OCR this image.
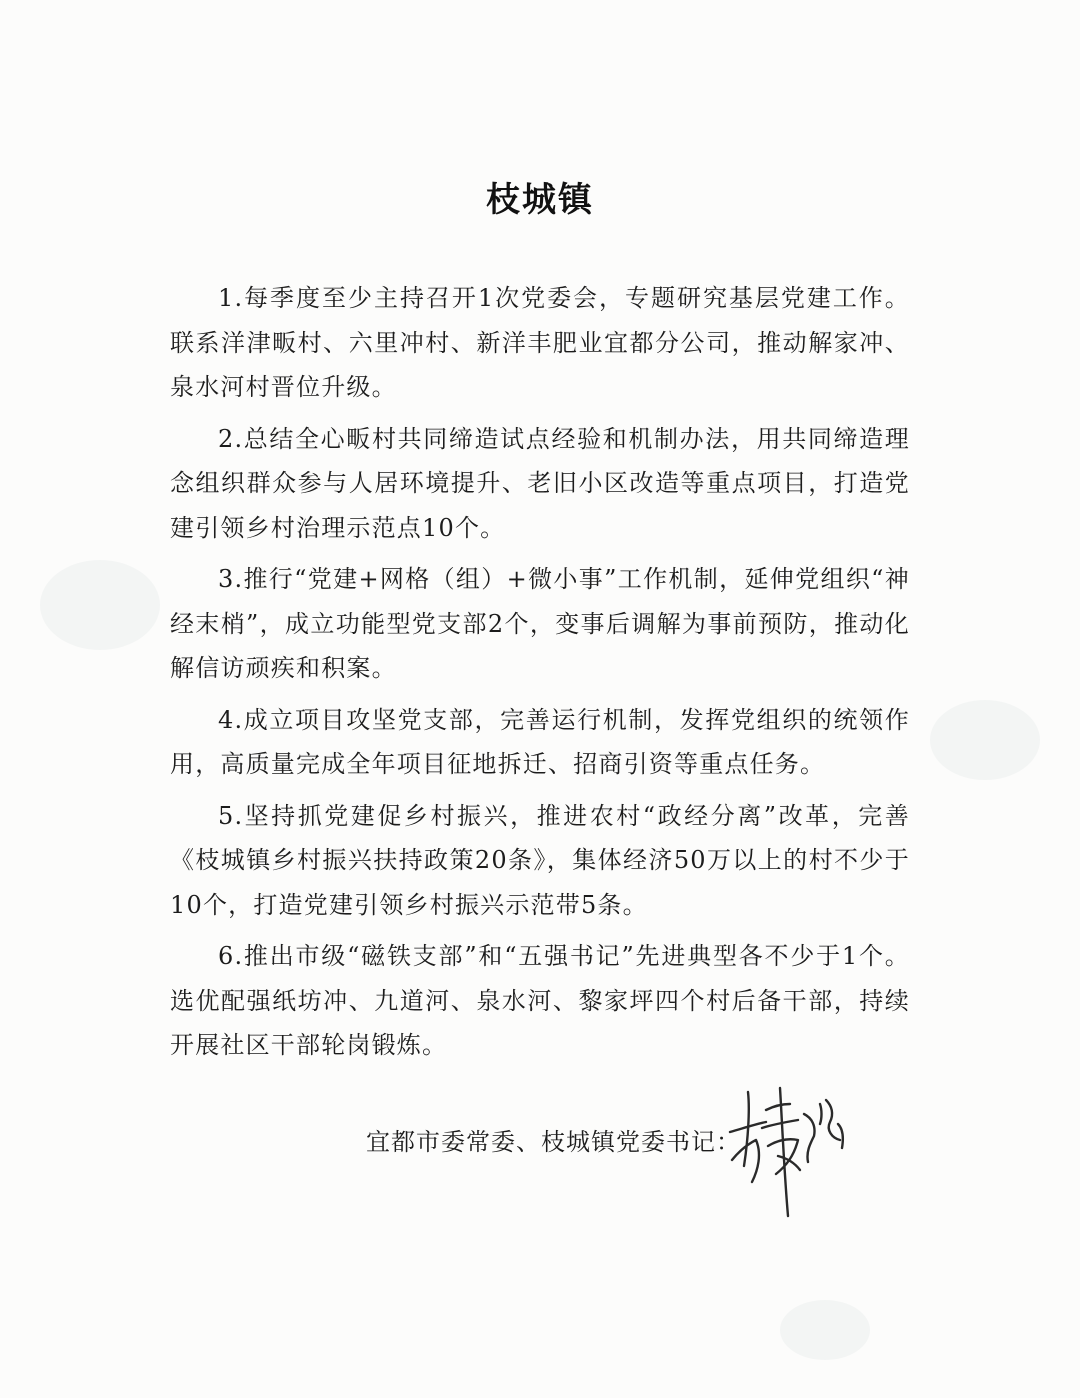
枝城镇

1.每季度至少主持召开1次党委会，专题研究基层党建工作。联系洋津畈村、六里冲村、新洋丰肥业宜都分公司，推动解家冲、泉水河村晋位升级。

2.总结全心畈村共同缔造试点经验和机制办法，用共同缔造理念组织群众参与人居环境提升、老旧小区改造等重点项目，打造党建引领乡村治理示范点10个。

3.推行“党建+网格（组）+微小事”工作机制，延伸党组织“神经末梢”，成立功能型党支部2个，变事后调解为事前预防，推动化解信访顽疾和积案。

4.成立项目攻坚党支部，完善运行机制，发挥党组织的统领作用，高质量完成全年项目征地拆迁、招商引资等重点任务。

5.坚持抓党建促乡村振兴，推进农村“政经分离”改革，完善《枝城镇乡村振兴扶持政策20条》，集体经济50万以上的村不少于10个，打造党建引领乡村振兴示范带5条。

6.推出市级“磁铁支部”和“五强书记”先进典型各不少于1个。选优配强纸坊冲、九道河、泉水河、黎家坪四个村后备干部，持续开展社区干部轮岗锻炼。

宜都市委常委、枝城镇党委书记：
